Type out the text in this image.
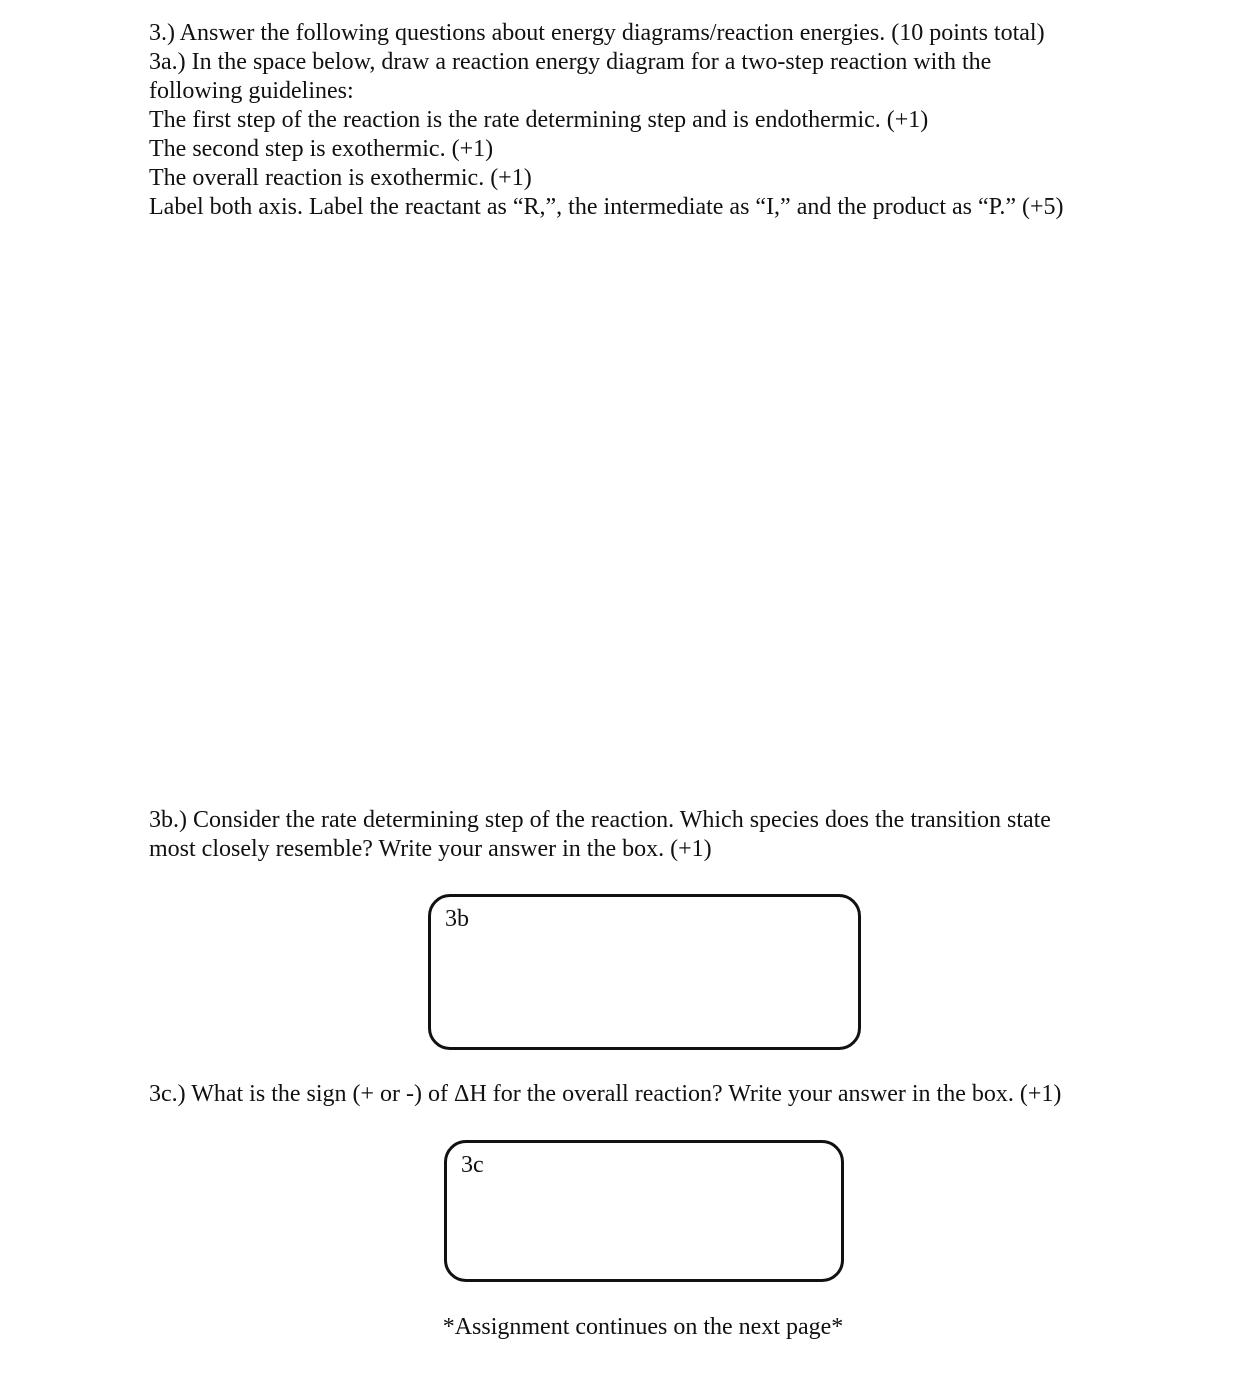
3.) Answer the following questions about energy diagrams/reaction energies. (10 points total)
3a.) In the space below, draw a reaction energy diagram for a two-step reaction with the
following guidelines:
The first step of the reaction is the rate determining step and is endothermic. (+1)
The second step is exothermic. (+1)
The overall reaction is exothermic. (+1)
Label both axis. Label the reactant as “R,”, the intermediate as “I,” and the product as “P.” (+5)
3b.) Consider the rate determining step of the reaction. Which species does the transition state
most closely resemble? Write your answer in the box. (+1)
3b
3c.) What is the sign (+ or -) of ΔH for the overall reaction? Write your answer in the box. (+1)
3c
*Assignment continues on the next page*
